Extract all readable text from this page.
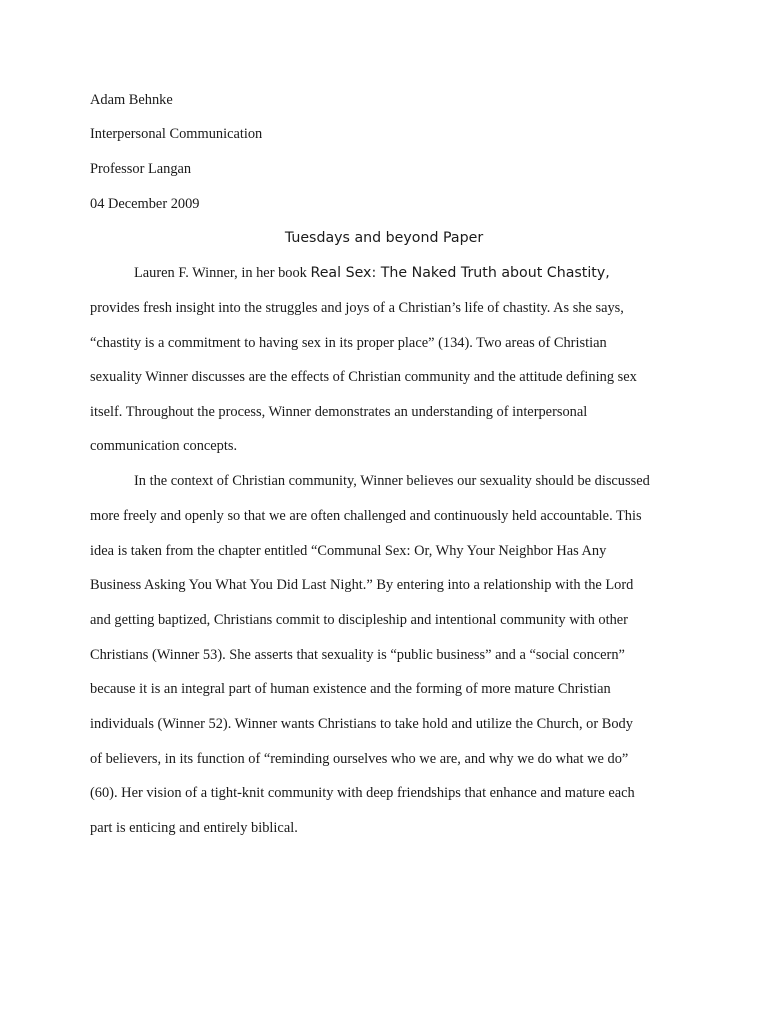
Adam Behnke
Interpersonal Communication
Professor Langan
04 December 2009
Tuesdays and beyond Paper
Lauren F. Winner, in her book Real Sex: The Naked Truth about Chastity,
provides fresh insight into the struggles and joys of a Christian’s life of chastity. As she says,
“chastity is a commitment to having sex in its proper place” (134). Two areas of Christian
sexuality Winner discusses are the effects of Christian community and the attitude defining sex
itself. Throughout the process, Winner demonstrates an understanding of interpersonal
communication concepts.
In the context of Christian community, Winner believes our sexuality should be discussed
more freely and openly so that we are often challenged and continuously held accountable. This
idea is taken from the chapter entitled “Communal Sex: Or, Why Your Neighbor Has Any
Business Asking You What You Did Last Night.” By entering into a relationship with the Lord
and getting baptized, Christians commit to discipleship and intentional community with other
Christians (Winner 53). She asserts that sexuality is “public business” and a “social concern”
because it is an integral part of human existence and the forming of more mature Christian
individuals (Winner 52). Winner wants Christians to take hold and utilize the Church, or Body
of believers, in its function of “reminding ourselves who we are, and why we do what we do”
(60). Her vision of a tight-knit community with deep friendships that enhance and mature each
part is enticing and entirely biblical.
